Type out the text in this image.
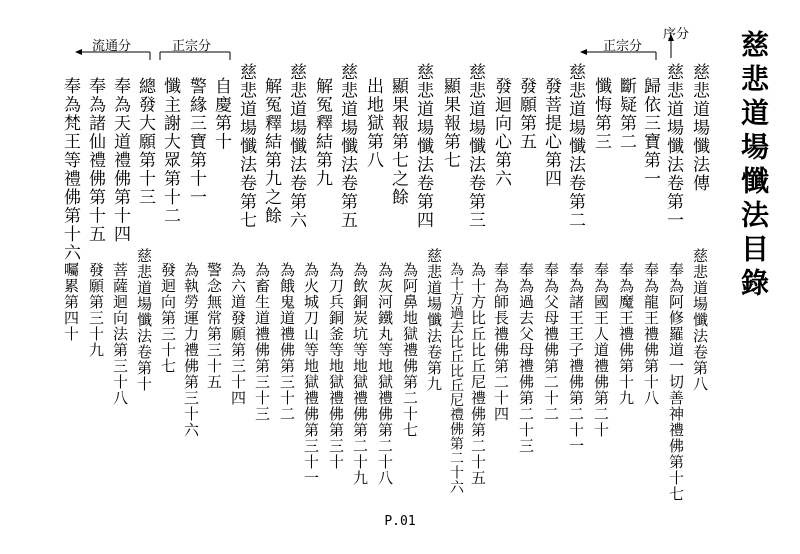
慈悲道場懺法目錄
序分
正宗分
正宗分
流通分
慈悲道場懺法傳
慈悲道場懺法卷第一
歸依三寶第一
斷疑第二
懺悔第三
慈悲道場懺法卷第二
發菩提心第四
發願第五
發迴向心第六
慈悲道場懺法卷第三
顯果報第七
慈悲道場懺法卷第四
顯果報第七之餘
出地獄第八
慈悲道場懺法卷第五
解冤釋結第九
慈悲道場懺法卷第六
解冤釋結第九之餘
慈悲道場懺法卷第七
自慶第十
警緣三寶第十一
懺主謝大眾第十二
總發大願第十三
奉為天道禮佛第十四
奉為諸仙禮佛第十五
奉為梵王等禮佛第十六
慈悲道場懺法卷第八
奉為阿修羅道一切善神禮佛第十七
奉為龍王禮佛第十八
奉為魔王禮佛第十九
奉為國王人道禮佛第二十
奉為諸王王子禮佛第二十一
奉為父母禮佛第二十二
奉為過去父母禮佛第二十三
奉為師長禮佛第二十四
為十方比丘比丘尼禮佛第二十五
為十方過去比丘比丘尼禮佛第二十六
慈悲道場懺法卷第九
為阿鼻地獄禮佛第二十七
為灰河鐵丸等地獄禮佛第二十八
為飲銅炭坑等地獄禮佛第二十九
為刀兵銅釜等地獄禮佛第三十
為火城刀山等地獄禮佛第三十一
為餓鬼道禮佛第三十二
為畜生道禮佛第三十三
為六道發願第三十四
警念無常第三十五
為執勞運力禮佛第三十六
發迴向第三十七
慈悲道場懺法卷第十
菩薩迴向法第三十八
發願第三十九
囑累第四十
P.01
